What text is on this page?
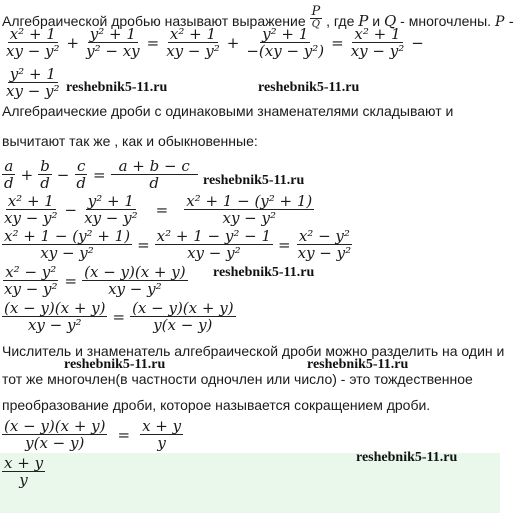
Алгебраической дробью называют выражение $\frac{P}{Q}$ , где P и Q - многочлены. P -
$\frac{\text{x² + 1}}{\text{xy − y²}} + \frac{\text{y² + 1}}{\text{y² − xy}} = \frac{\text{x² + 1}}{\text{xy − y²}} + \frac{\text{y² + 1}}{\text{−(xy − y²)}} = \frac{\text{x² + 1}}{\text{xy − y²}}$ −
$\frac{\text{y² + 1}}{\text{xy − y²}}$ reshebnik5-11.ru	reshebnik5-11.ru
Алгебраические дроби с одинаковыми знаменателями складывают и
вычитают так же , как и обыкновенные:
$\frac{a}{d} + \frac{b}{d} - \frac{c}{d} = \frac{a + b - c}{d}$ reshebnik5-11.ru
$\frac{\text{x² + 1}}{\text{xy − y²}} - \frac{\text{y² + 1}}{\text{xy − y²}} = \frac{\text{x² + 1 − (y² + 1)}}{\text{xy − y²}}$
$\frac{\text{x² + 1 − (y² + 1)}}{\text{xy − y²}} = \frac{\text{x² + 1 − y² − 1}}{\text{xy − y²}} = \frac{\text{x² − y²}}{\text{xy − y²}}$
$\frac{\text{x² − y²}}{\text{xy − y²}} = \frac{(x - y)(x + y)}{\text{xy − y²}}$ reshebnik5-11.ru
$\frac{(x - y)(x + y)}{\text{xy − y²}} = \frac{(x - y)(x + y)}{y(x - y)}$
Числитель и знаменатель алгебраической дроби можно разделить на один и
reshebnik5-11.ru	reshebnik5-11.ru
тот же многочлен(в частности одночлен или число) - это тождественное
преобразование дроби, которое называется сокращением дроби.
$\frac{(x - y)(x + y)}{y(x - y)} = \frac{x + y}{y}$
$\frac{x + y}{y}$	reshebnik5-11.ru
